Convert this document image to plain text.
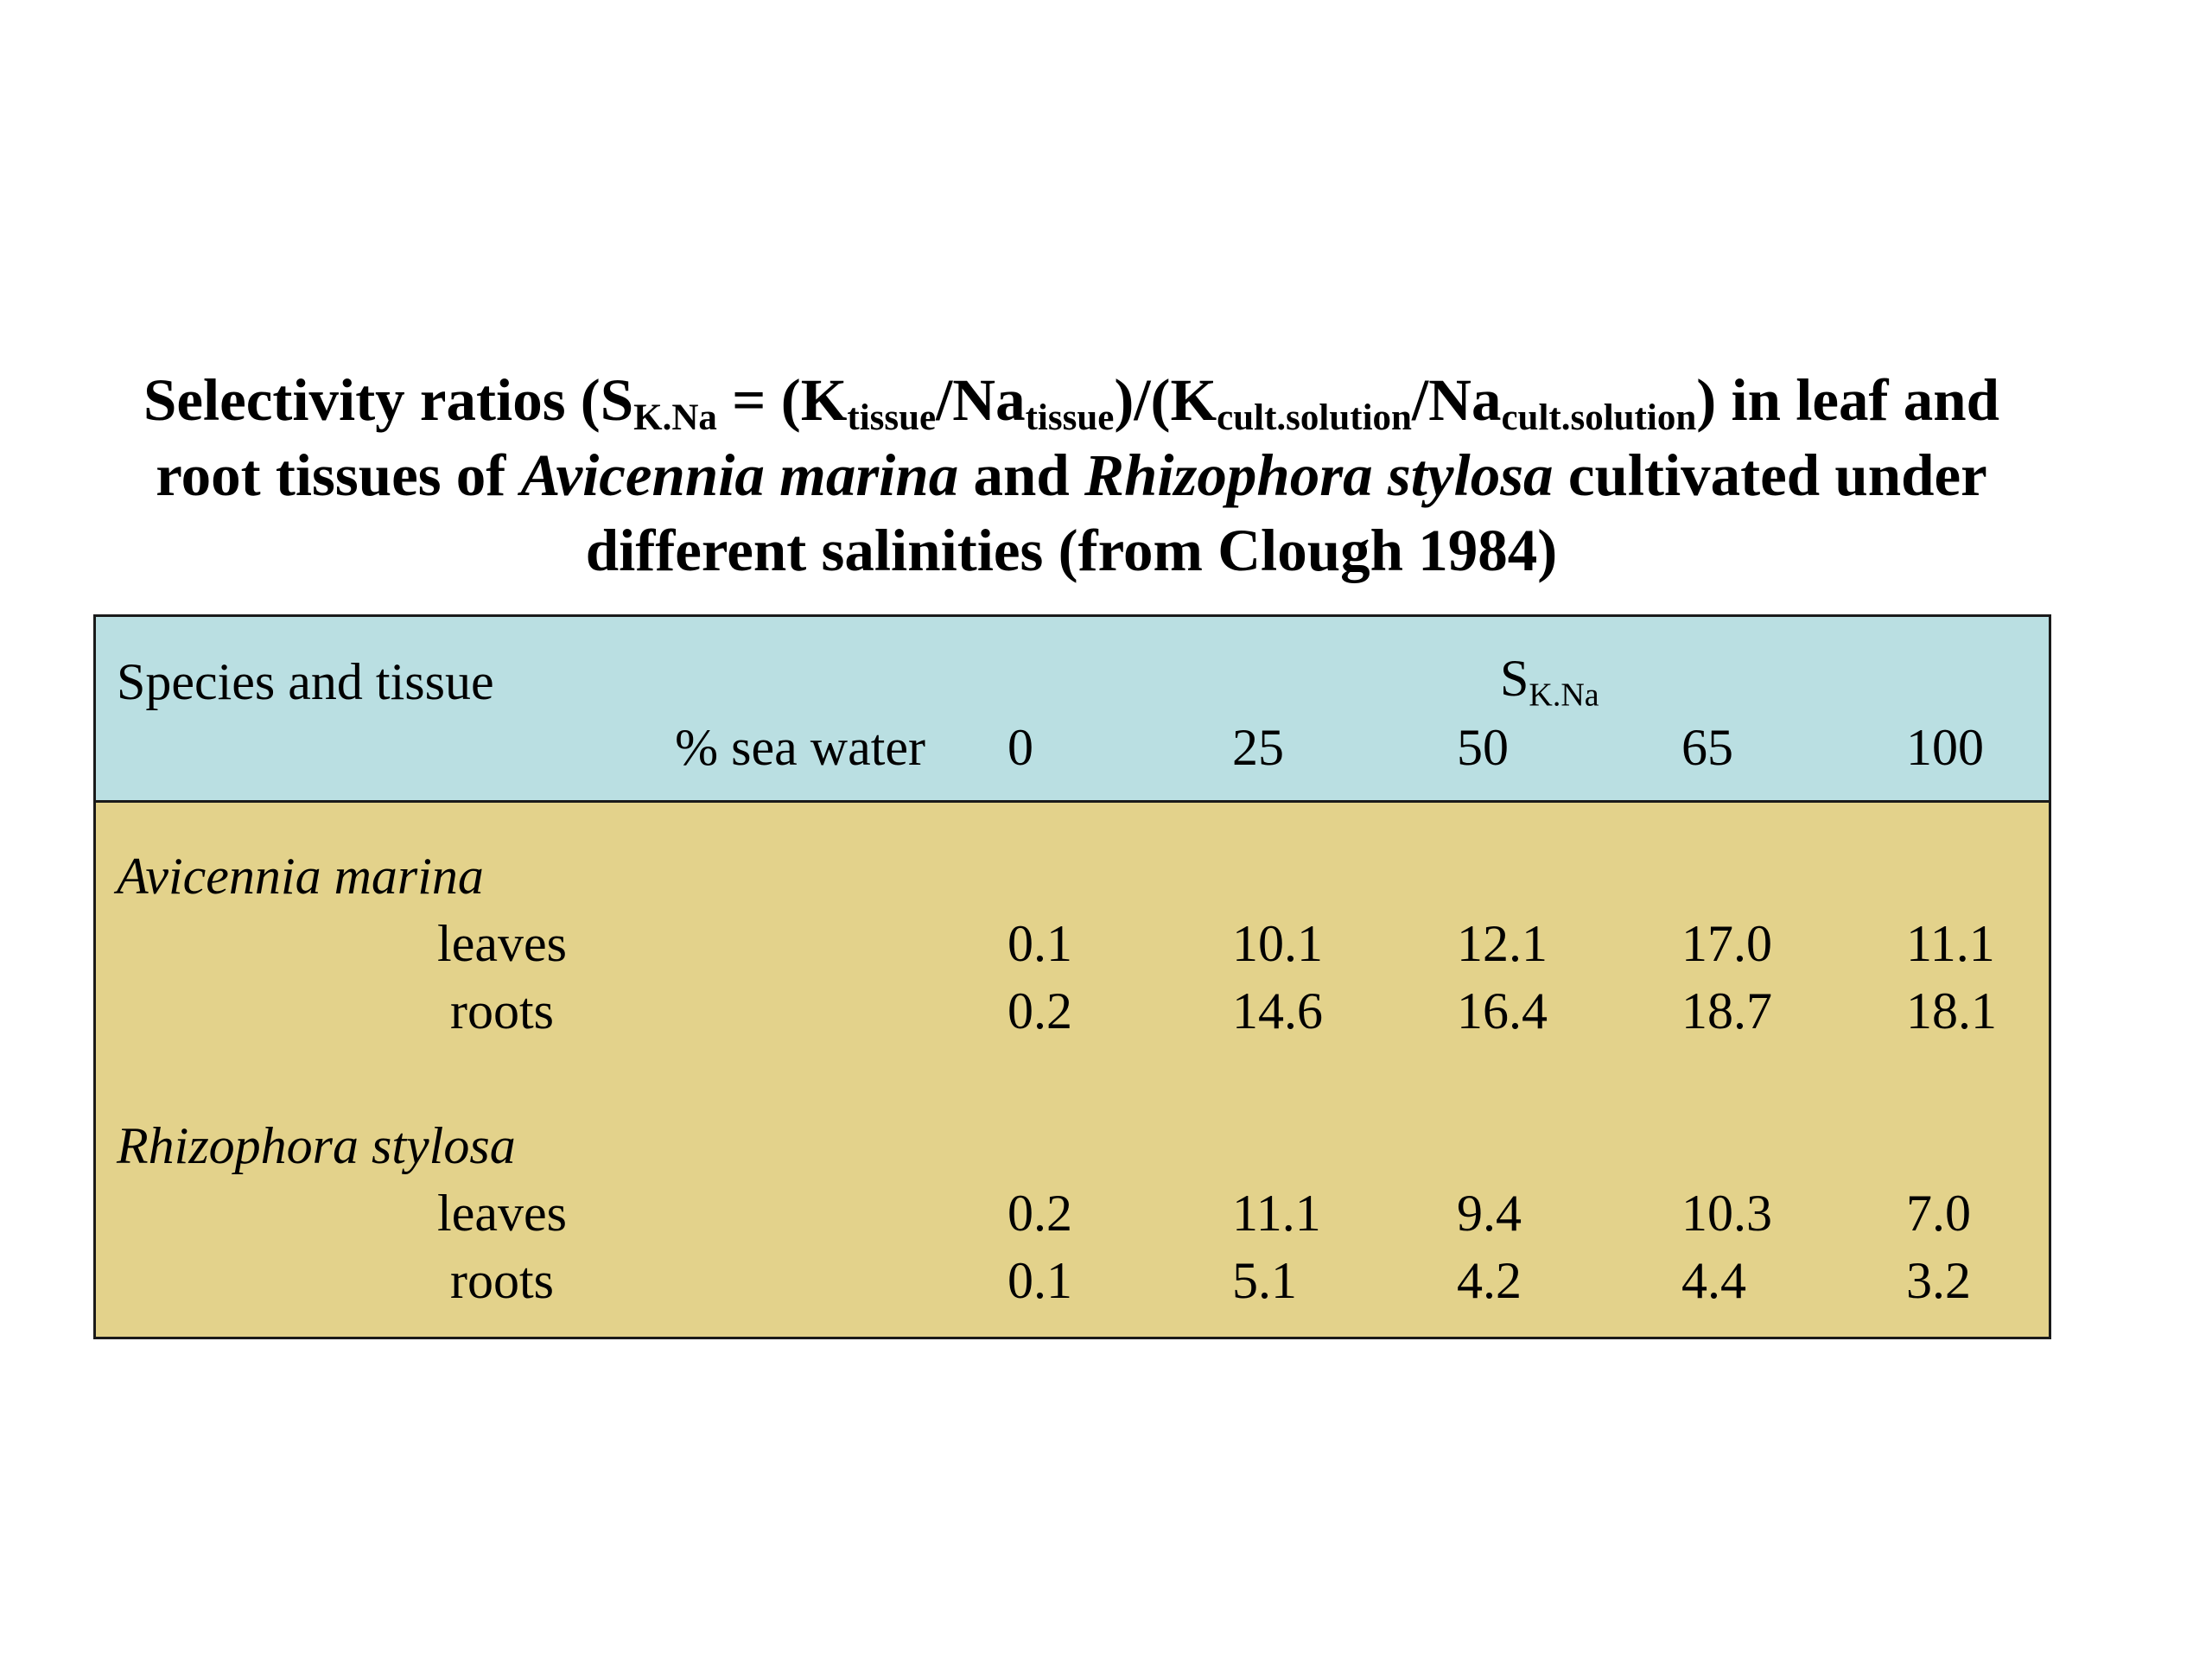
Selectivity ratios ($S_{K.Na} = (K_{tissue}/Na_{tissue})/(K_{cult.solution}/Na_{cult.solution})$ in leaf and root tissues of Avicennia marina and Rhizophora stylosa cultivated under different salinities (from Clough 1984)

Species and tissue	$S_{K.Na}$
% sea water 0	25	50	65	100
Avicennia marina
leaves	0.1	10.1	12.1	17.0	11.1
roots	0.2	14.6	16.4	18.7	18.1
Rhizophora stylosa
leaves	0.2	11.1	9.4	10.3	7.0
roots	0.1	5.1	4.2	4.4	3.2
